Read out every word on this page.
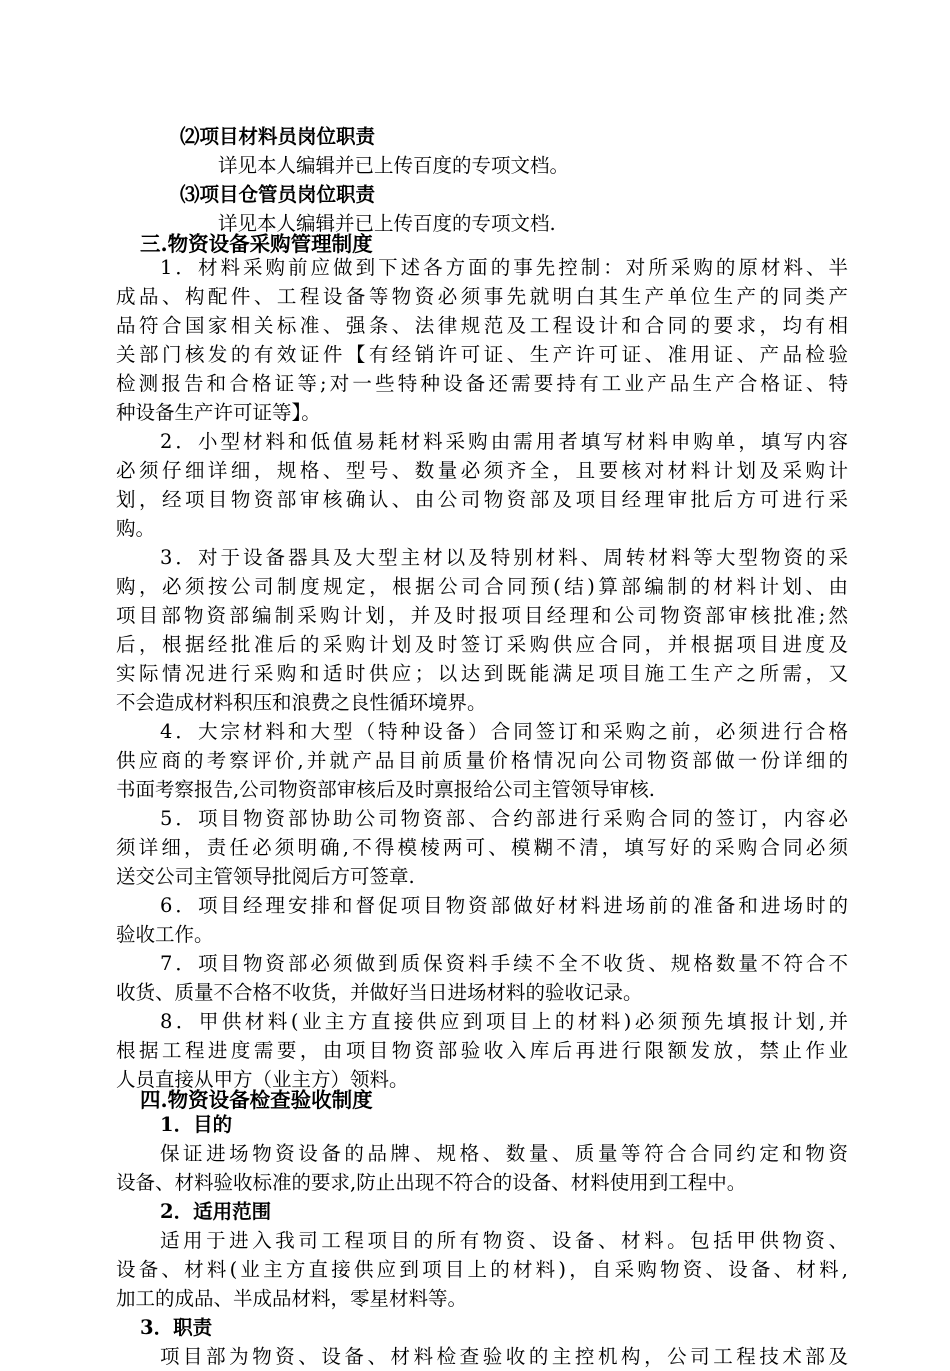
⑵项目材料员岗位职责
详见本人编辑并已上传百度的专项文档。
⑶项目仓管员岗位职责
详见本人编辑并已上传百度的专项文档.
三.物资设备采购管理制度
1．材料采购前应做到下述各方面的事先控制：对所采购的原材料、半
成品、构配件、工程设备等物资必须事先就明白其生产单位生产的同类产
品符合国家相关标准、强条、法律规范及工程设计和合同的要求，均有相
关部门核发的有效证件【有经销许可证、生产许可证、准用证、产品检验
检测报告和合格证等;对一些特种设备还需要持有工业产品生产合格证、特
种设备生产许可证等】。
2．小型材料和低值易耗材料采购由需用者填写材料申购单，填写内容
必须仔细详细，规格、型号、数量必须齐全，且要核对材料计划及采购计
划，经项目物资部审核确认、由公司物资部及项目经理审批后方可进行采
购。
3．对于设备器具及大型主材以及特别材料、周转材料等大型物资的采
购，必须按公司制度规定，根据公司合同预(结)算部编制的材料计划、由
项目部物资部编制采购计划，并及时报项目经理和公司物资部审核批准;然
后，根据经批准后的采购计划及时签订采购供应合同，并根据项目进度及
实际情况进行采购和适时供应；以达到既能满足项目施工生产之所需，又
不会造成材料积压和浪费之良性循环境界。
4．大宗材料和大型（特种设备）合同签订和采购之前，必须进行合格
供应商的考察评价,并就产品目前质量价格情况向公司物资部做一份详细的
书面考察报告,公司物资部审核后及时禀报给公司主管领导审核.
5．项目物资部协助公司物资部、合约部进行采购合同的签订，内容必
须详细，责任必须明确,不得模棱两可、模糊不清，填写好的采购合同必须
送交公司主管领导批阅后方可签章.
6．项目经理安排和督促项目物资部做好材料进场前的准备和进场时的
验收工作。
7．项目物资部必须做到质保资料手续不全不收货、规格数量不符合不
收货、质量不合格不收货，并做好当日进场材料的验收记录。
8．甲供材料(业主方直接供应到项目上的材料)必须预先填报计划,并
根据工程进度需要，由项目物资部验收入库后再进行限额发放，禁止作业
人员直接从甲方（业主方）领料。
四.物资设备检查验收制度
1．目的
保证进场物资设备的品牌、规格、数量、质量等符合合同约定和物资
设备、材料验收标准的要求,防止出现不符合的设备、材料使用到工程中。
2．适用范围
适用于进入我司工程项目的所有物资、设备、材料。包括甲供物资、
设备、材料(业主方直接供应到项目上的材料)，自采购物资、设备、材料,
加工的成品、半成品材料，零星材料等。
3．职责
项目部为物资、设备、材料检查验收的主控机构，公司工程技术部及
